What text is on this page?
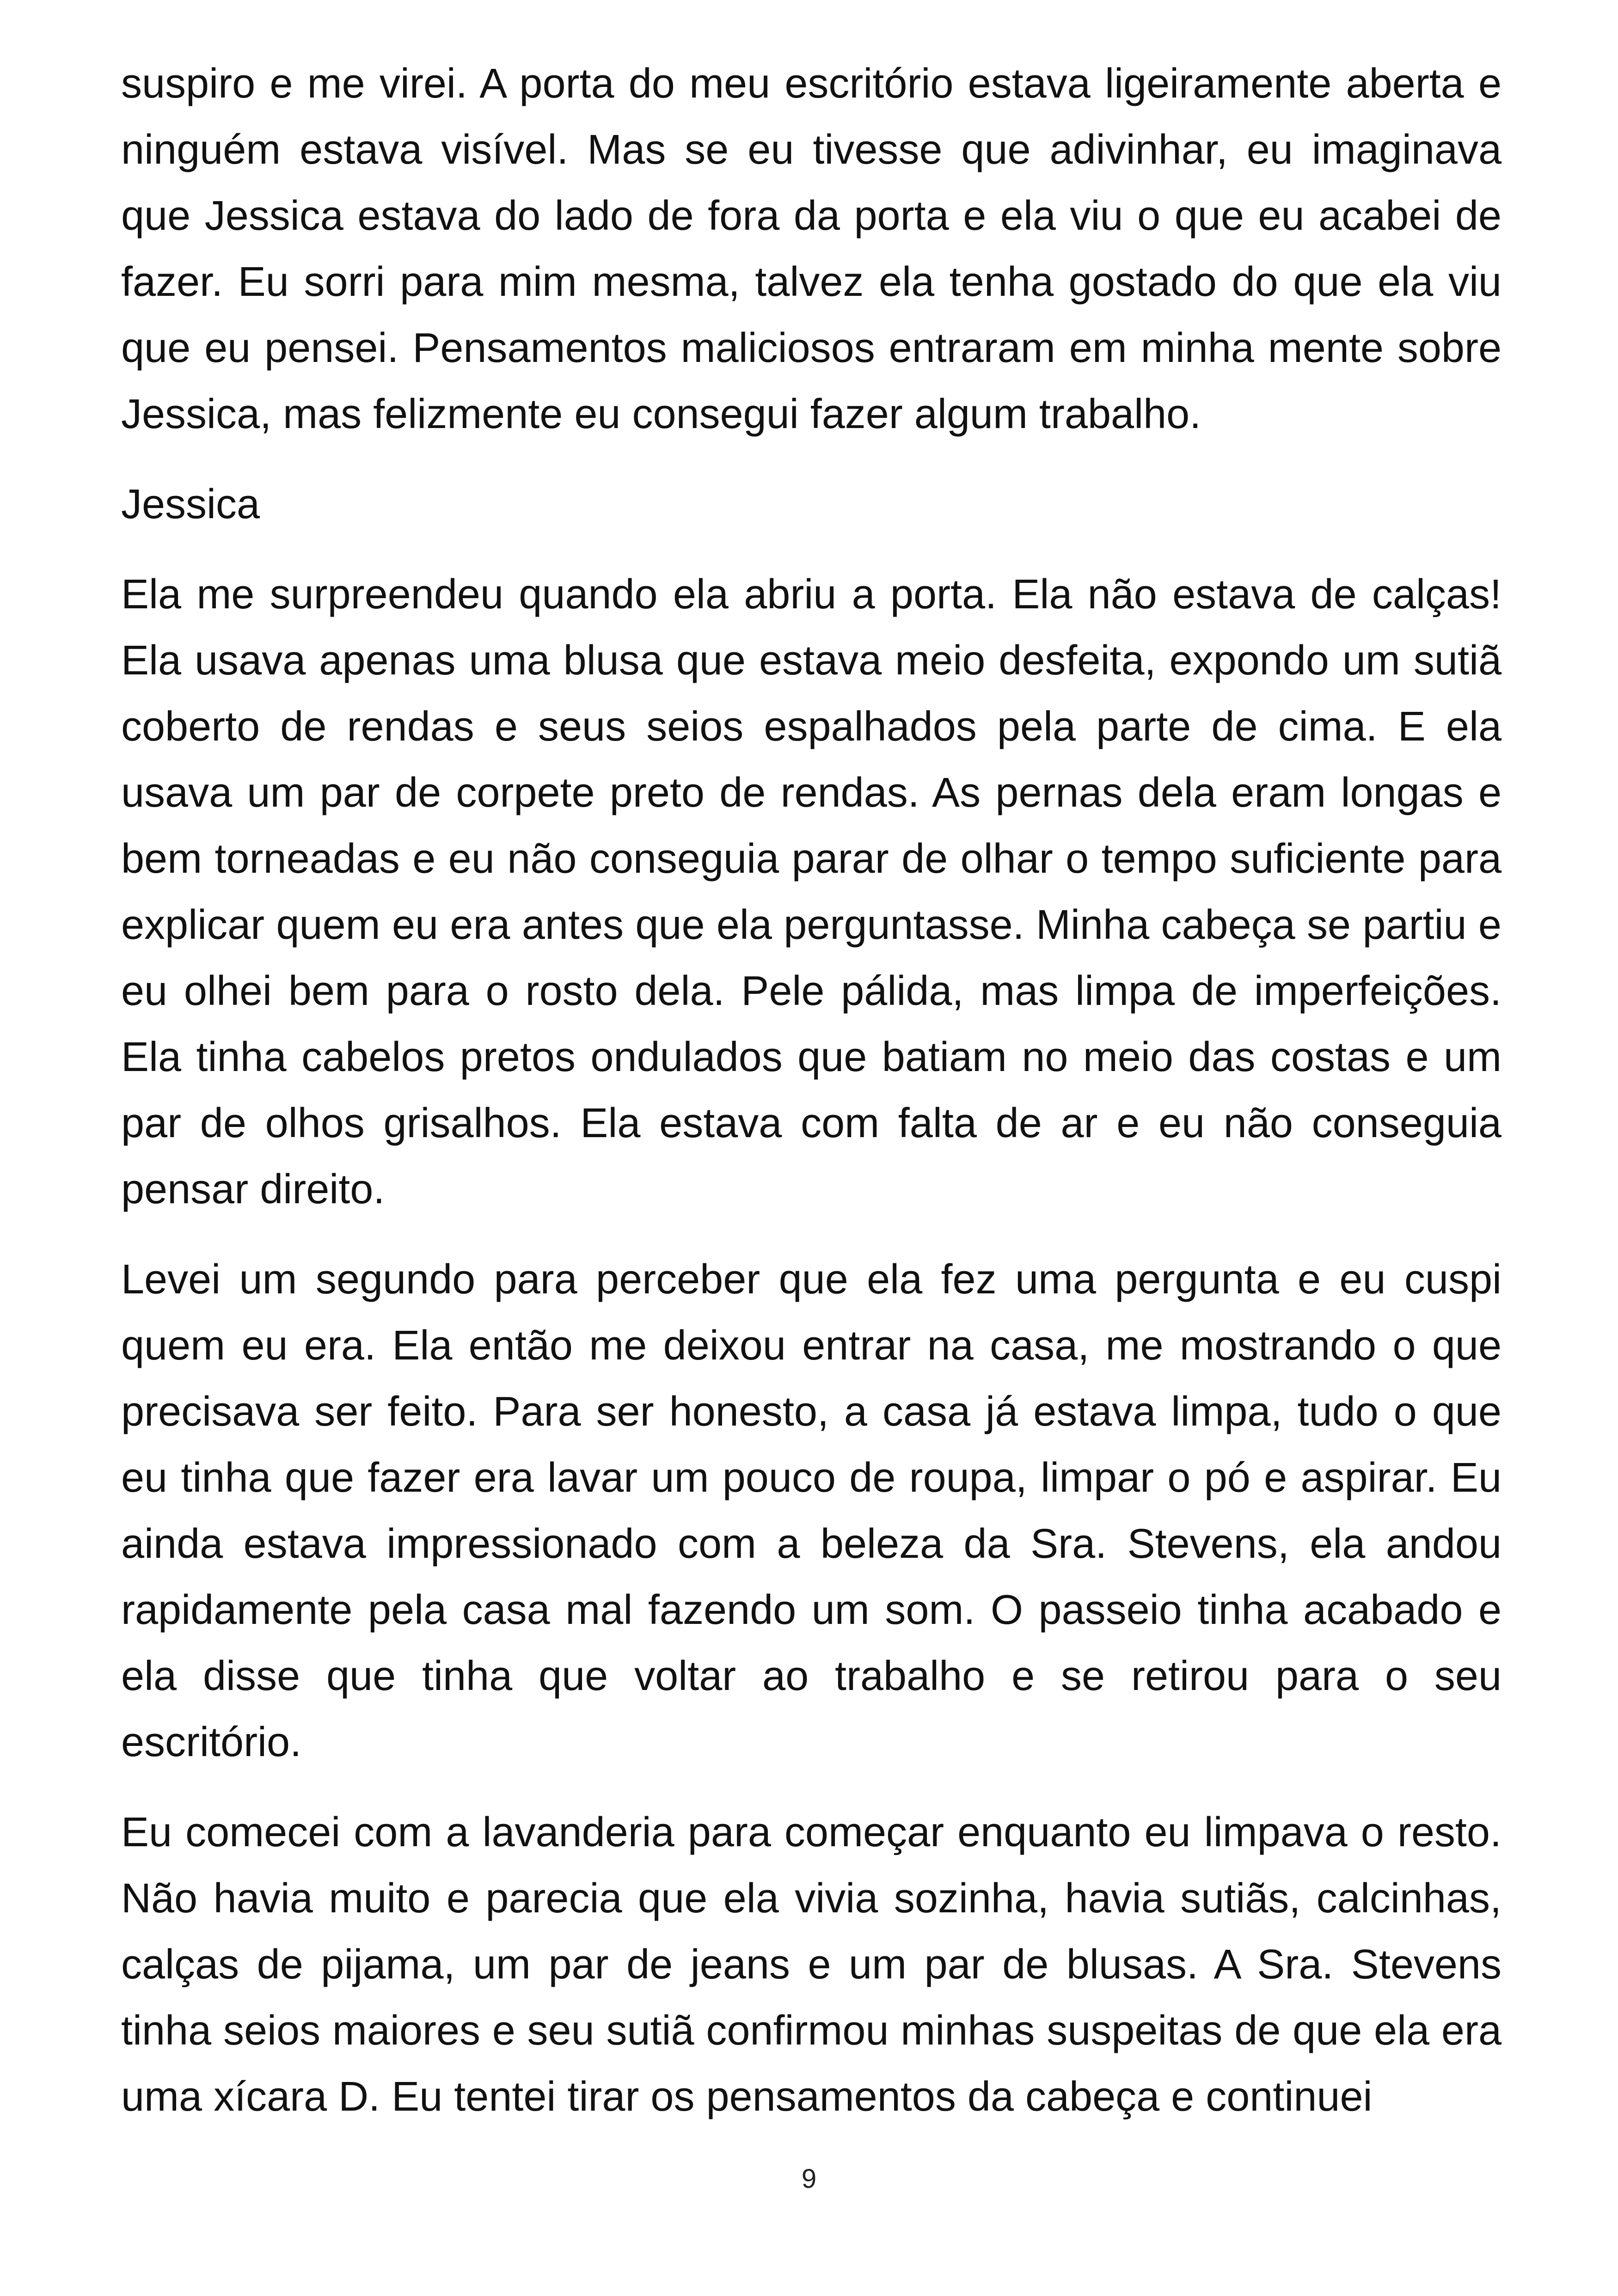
suspiro e me virei. A porta do meu escritório estava ligeiramente aberta e ninguém estava visível. Mas se eu tivesse que adivinhar, eu imaginava que Jessica estava do lado de fora da porta e ela viu o que eu acabei de fazer. Eu sorri para mim mesma, talvez ela tenha gostado do que ela viu que eu pensei. Pensamentos maliciosos entraram em minha mente sobre Jessica, mas felizmente eu consegui fazer algum trabalho.

Jessica

Ela me surpreendeu quando ela abriu a porta. Ela não estava de calças! Ela usava apenas uma blusa que estava meio desfeita, expondo um sutiã coberto de rendas e seus seios espalhados pela parte de cima. E ela usava um par de corpete preto de rendas. As pernas dela eram longas e bem torneadas e eu não conseguia parar de olhar o tempo suficiente para explicar quem eu era antes que ela perguntasse. Minha cabeça se partiu e eu olhei bem para o rosto dela. Pele pálida, mas limpa de imperfeições. Ela tinha cabelos pretos ondulados que batiam no meio das costas e um par de olhos grisalhos. Ela estava com falta de ar e eu não conseguia pensar direito.

Levei um segundo para perceber que ela fez uma pergunta e eu cuspi quem eu era. Ela então me deixou entrar na casa, me mostrando o que precisava ser feito. Para ser honesto, a casa já estava limpa, tudo o que eu tinha que fazer era lavar um pouco de roupa, limpar o pó e aspirar. Eu ainda estava impressionado com a beleza da Sra. Stevens, ela andou rapidamente pela casa mal fazendo um som. O passeio tinha acabado e ela disse que tinha que voltar ao trabalho e se retirou para o seu escritório.

Eu comecei com a lavanderia para começar enquanto eu limpava o resto. Não havia muito e parecia que ela vivia sozinha, havia sutiãs, calcinhas, calças de pijama, um par de jeans e um par de blusas. A Sra. Stevens tinha seios maiores e seu sutiã confirmou minhas suspeitas de que ela era uma xícara D. Eu tentei tirar os pensamentos da cabeça e continuei

9
